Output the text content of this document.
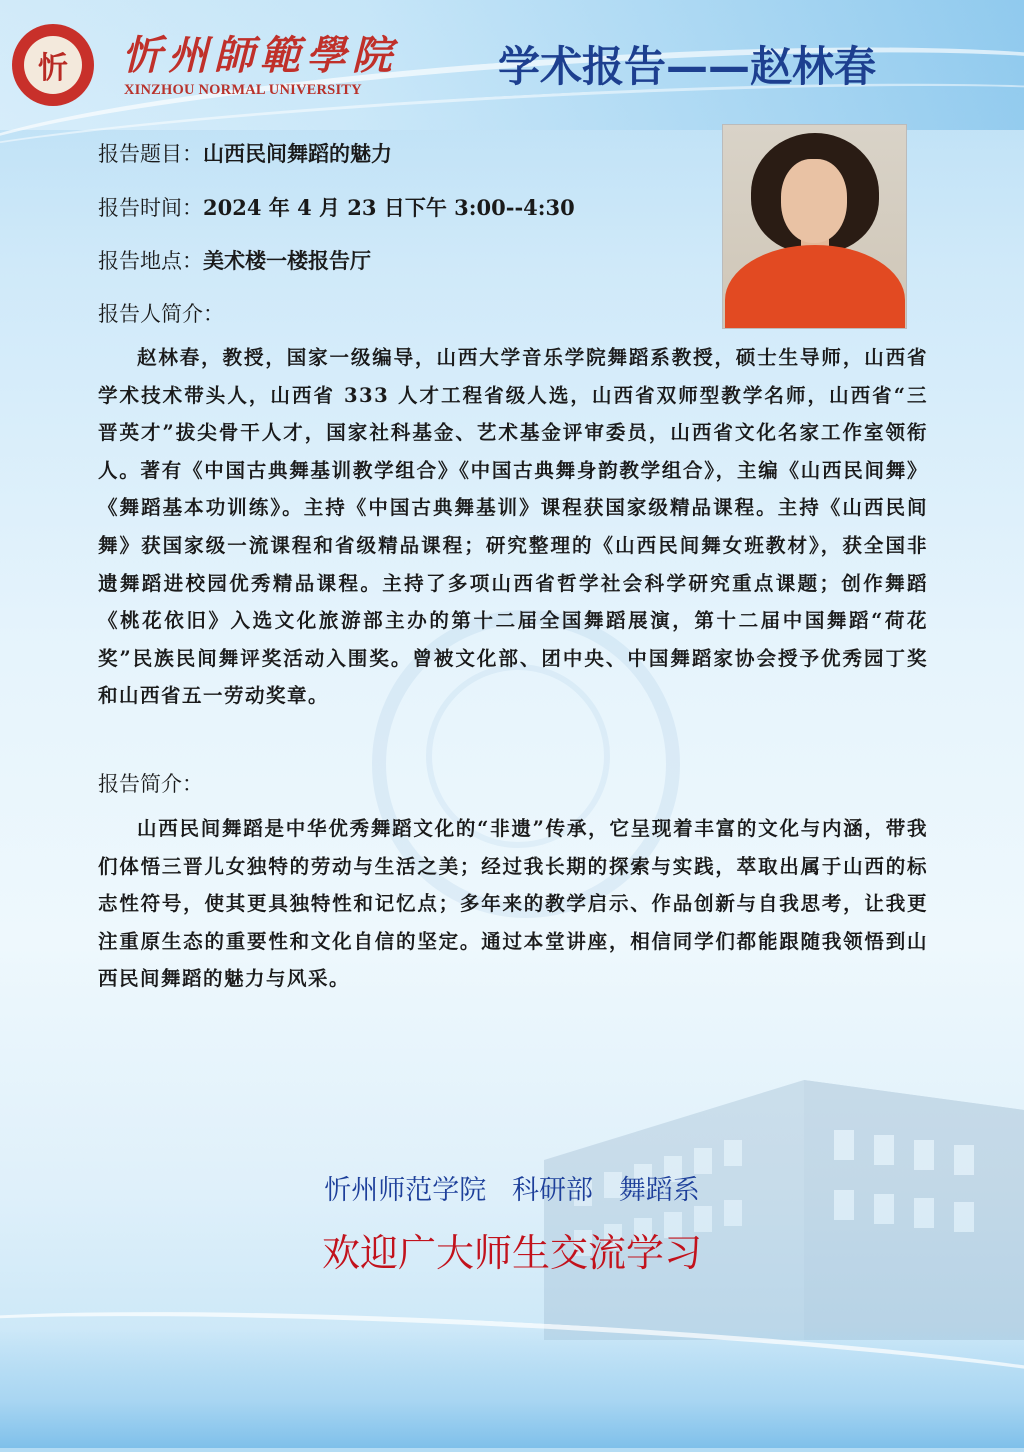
忻	忻州師範學院
XINZHOU NORMAL UNIVERSITY	学术报告——赵林春
报告题目：山西民间舞蹈的魅力
报告时间：2024 年 4 月 23 日下午 3:00--4:30
报告地点：美术楼一楼报告厅
报告人简介：
赵林春，教授，国家一级编导，山西大学音乐学院舞蹈系教授，硕士生导师，山西省学术技术带头人，山西省 333 人才工程省级人选，山西省双师型教学名师，山西省“三晋英才”拔尖骨干人才，国家社科基金、艺术基金评审委员，山西省文化名家工作室领衔人。著有《中国古典舞基训教学组合》《中国古典舞身韵教学组合》，主编《山西民间舞》《舞蹈基本功训练》。主持《中国古典舞基训》课程获国家级精品课程。主持《山西民间舞》获国家级一流课程和省级精品课程；研究整理的《山西民间舞女班教材》，获全国非遗舞蹈进校园优秀精品课程。主持了多项山西省哲学社会科学研究重点课题；创作舞蹈《桃花依旧》入选文化旅游部主办的第十二届全国舞蹈展演，第十二届中国舞蹈“荷花奖”民族民间舞评奖活动入围奖。曾被文化部、团中央、中国舞蹈家协会授予优秀园丁奖和山西省五一劳动奖章。
报告简介：
山西民间舞蹈是中华优秀舞蹈文化的“非遗”传承，它呈现着丰富的文化与内涵，带我们体悟三晋儿女独特的劳动与生活之美；经过我长期的探索与实践，萃取出属于山西的标志性符号，使其更具独特性和记忆点；多年来的教学启示、作品创新与自我思考，让我更注重原生态的重要性和文化自信的坚定。通过本堂讲座，相信同学们都能跟随我领悟到山西民间舞蹈的魅力与风采。
忻州师范学院   科研部   舞蹈系
欢迎广大师生交流学习
